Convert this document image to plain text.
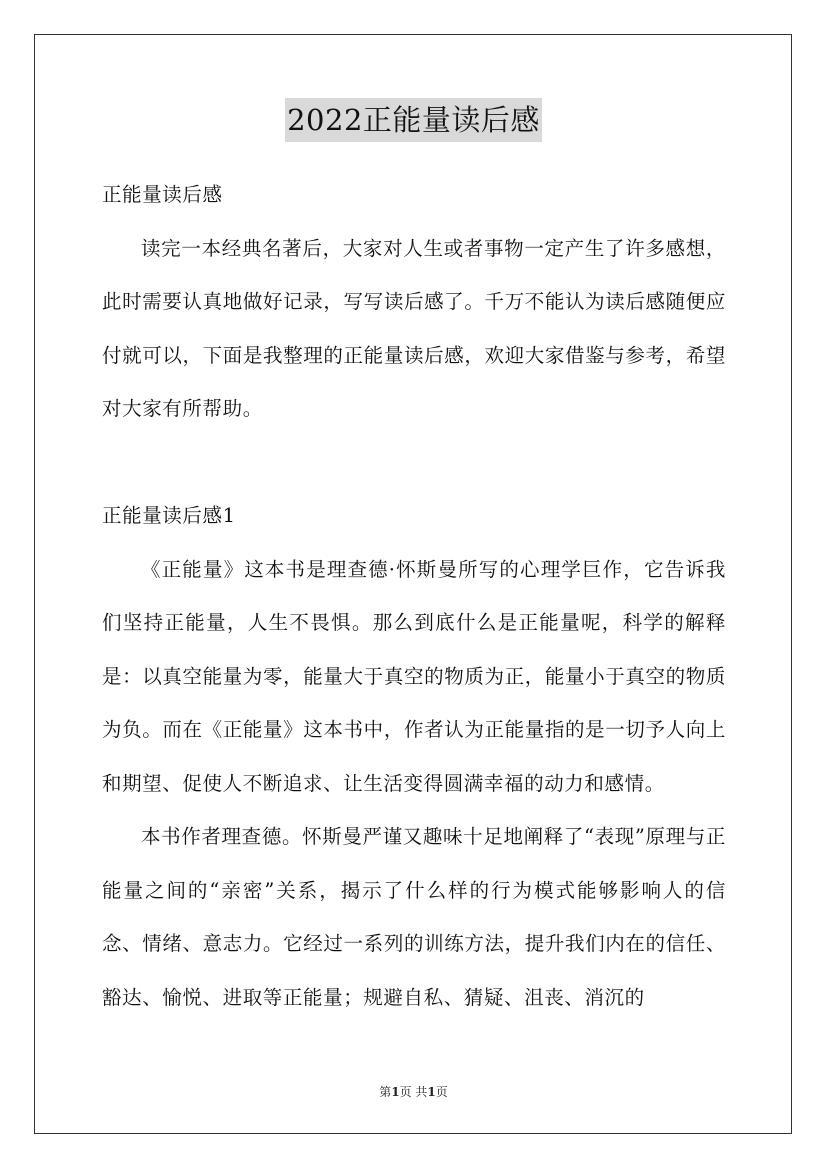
2022正能量读后感

正能量读后感

读完一本经典名著后，大家对人生或者事物一定产生了许多感想，此时需要认真地做好记录，写写读后感了。千万不能认为读后感随便应付就可以，下面是我整理的正能量读后感，欢迎大家借鉴与参考，希望对大家有所帮助。

正能量读后感1

《正能量》这本书是理查德·怀斯曼所写的心理学巨作，它告诉我们坚持正能量，人生不畏惧。那么到底什么是正能量呢，科学的解释是：以真空能量为零，能量大于真空的物质为正，能量小于真空的物质为负。而在《正能量》这本书中，作者认为正能量指的是一切予人向上和期望、促使人不断追求、让生活变得圆满幸福的动力和感情。

本书作者理查德。怀斯曼严谨又趣味十足地阐释了“表现”原理与正能量之间的“亲密”关系，揭示了什么样的行为模式能够影响人的信念、情绪、意志力。它经过一系列的训练方法，提升我们内在的信任、豁达、愉悦、进取等正能量；规避自私、猜疑、沮丧、消沉的

第1页 共1页
